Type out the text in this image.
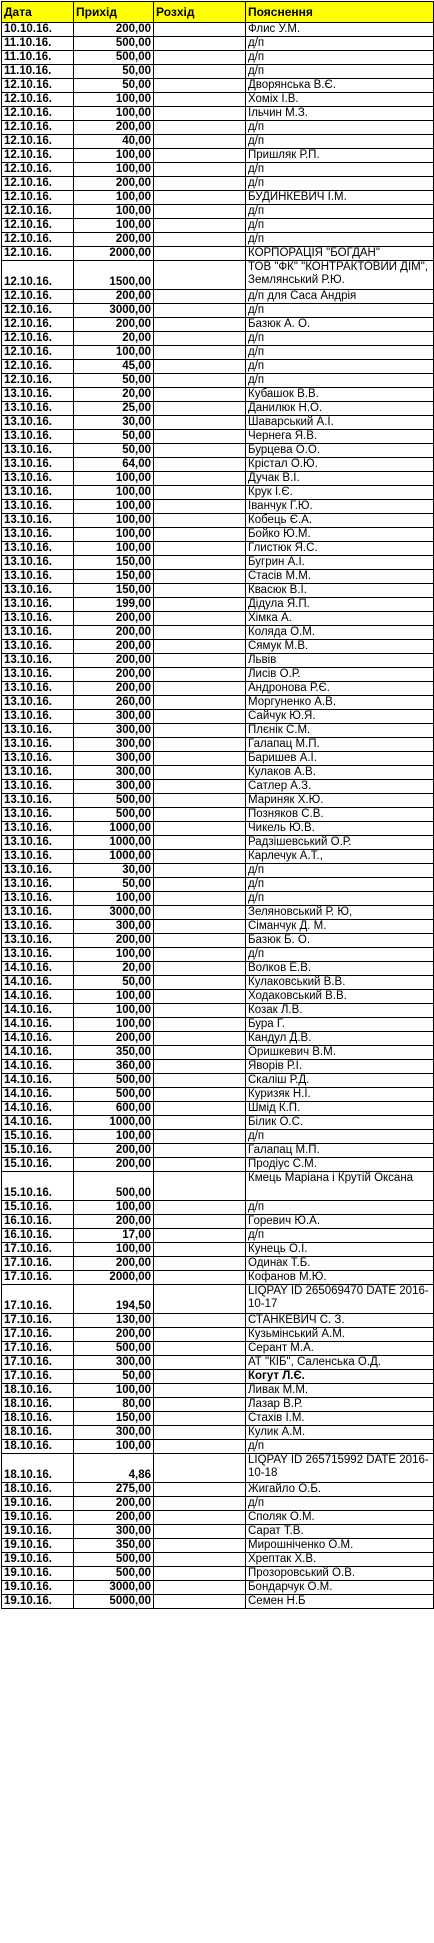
Дата	Прихід	Розхід	Пояснення
10.10.16.	200,00		Флис У.М.
11.10.16.	500,00		д/п
11.10.16.	500,00		д/п
11.10.16.	50,00		д/п
12.10.16.	50,00		Дворянська В.Є.
12.10.16.	100,00		Хоміх І.В.
12.10.16.	100,00		Ільчин М.З.
12.10.16.	200,00		д/п
12.10.16.	40,00		д/п
12.10.16.	100,00		Пришляк Р.П.
12.10.16.	100,00		д/п
12.10.16.	200,00		д/п
12.10.16.	100,00		БУДИНКЕВИЧ І.М.
12.10.16.	100,00		д/п
12.10.16.	100,00		д/п
12.10.16.	200,00		д/п
12.10.16.	2000,00		КОРПОРАЦІЯ "БОГДАН"
12.10.16.	1500,00		ТОВ "ФК" "КОНТРАКТОВИЙ ДІМ", Землянський Р.Ю.
12.10.16.	200,00		д/п для Саса Андрія
12.10.16.	3000,00		д/п
12.10.16.	200,00		Базюк А. О.
12.10.16.	20,00		д/п
12.10.16.	100,00		д/п
12.10.16.	45,00		д/п
12.10.16.	50,00		д/п
13.10.16.	20,00		Кубашок В.В.
13.10.16.	25,00		Данилюк Н.О.
13.10.16.	30,00		Шаварський А.І.
13.10.16.	50,00		Чернега Я.В.
13.10.16.	50,00		Бурцева О.О.
13.10.16.	64,00		Крістал О.Ю.
13.10.16.	100,00		Дучак В.І.
13.10.16.	100,00		Крук І.Є.
13.10.16.	100,00		Іванчук Г.Ю.
13.10.16.	100,00		Кобець Є.А.
13.10.16.	100,00		Бойко Ю.М.
13.10.16.	100,00		Глистюк Я.С.
13.10.16.	150,00		Бугрин А.І.
13.10.16.	150,00		Стасів М.М.
13.10.16.	150,00		Квасюк В.І.
13.10.16.	199,00		Дідула Я.П.
13.10.16.	200,00		Хімка А.
13.10.16.	200,00		Коляда О.М.
13.10.16.	200,00		Сямук М.В.
13.10.16.	200,00		Львів
13.10.16.	200,00		Лисів О.Р.
13.10.16.	200,00		Андронова Р.Є.
13.10.16.	260,00		Моргуненко А.В.
13.10.16.	300,00		Сайчук Ю.Я.
13.10.16.	300,00		Плєнік С.М.
13.10.16.	300,00		Галапац М.П.
13.10.16.	300,00		Баришев А.І.
13.10.16.	300,00		Кулаков А.В.
13.10.16.	300,00		Сатлер А.З.
13.10.16.	500,00		Мариняк Х.Ю.
13.10.16.	500,00		Позняков С.В.
13.10.16.	1000,00		Чикель Ю.В.
13.10.16.	1000,00		Радзішевський О.Р.
13.10.16.	1000,00		Карлечук А.Т.,
13.10.16.	30,00		д/п
13.10.16.	50,00		д/п
13.10.16.	100,00		д/п
13.10.16.	3000,00		Зеляновський Р. Ю,
13.10.16.	300,00		Сіманчук Д. М.
13.10.16.	200,00		Базюк Б. О.
13.10.16.	100,00		д/п
14.10.16.	20,00		Волков Е.В.
14.10.16.	50,00		Кулаковський В.В.
14.10.16.	100,00		Ходаковський В.В.
14.10.16.	100,00		Козак Л.В.
14.10.16.	100,00		Бура Г.
14.10.16.	200,00		Кандул Д.В.
14.10.16.	350,00		Оришкевич В.М.
14.10.16.	360,00		Яворів Р.І.
14.10.16.	500,00		Скаліш Р.Д.
14.10.16.	500,00		Куризяк Н.І.
14.10.16.	600,00		Шмід К.П.
14.10.16.	1000,00		Білик О.С.
15.10.16.	100,00		д/п
15.10.16.	200,00		Галапац М.П.
15.10.16.	200,00		Продіус С.М.
15.10.16.	500,00		Кмець Маріана і Крутій Оксана
15.10.16.	100,00		д/п
16.10.16.	200,00		Горевич Ю.А.
16.10.16.	17,00		д/п
17.10.16.	100,00		Кунець О.І.
17.10.16.	200,00		Одинак Т.Б.
17.10.16.	2000,00		Кофанов М.Ю.
17.10.16.	194,50		LIQPAY ID 265069470 DATE 2016-10-17
17.10.16.	130,00		СТАНКЕВИЧ С. З.
17.10.16.	200,00		Кузьмінський А.М.
17.10.16.	500,00		Серант М.А.
17.10.16.	300,00		АТ "КІБ", Саленська О.Д.
17.10.16.	50,00		Когут Л.Є.
18.10.16.	100,00		Ливак М.М.
18.10.16.	80,00		Лазар В.Р.
18.10.16.	150,00		Стахів І.М.
18.10.16.	300,00		Кулик А.М.
18.10.16.	100,00		д/п
18.10.16.	4,86		LIQPAY ID 265715992 DATE 2016-10-18
18.10.16.	275,00		Жигайло О.Б.
19.10.16.	200,00		д/п
19.10.16.	200,00		Споляк О.М.
19.10.16.	300,00		Сарат Т.В.
19.10.16.	350,00		Мирошніченко О.М.
19.10.16.	500,00		Хрептак Х.В.
19.10.16.	500,00		Прозоровський О.В.
19.10.16.	3000,00		Бондарчук О.М.
19.10.16.	5000,00		Семен Н.Б
